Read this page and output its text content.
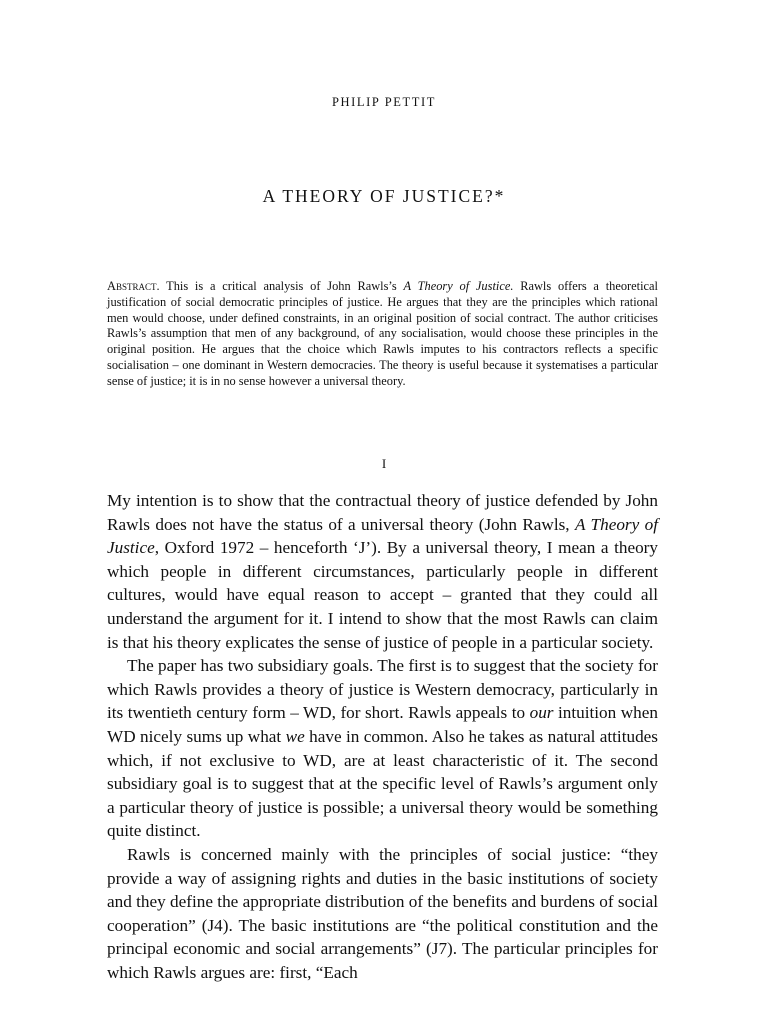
PHILIP PETTIT
A THEORY OF JUSTICE?*

Abstract. This is a critical analysis of John Rawls’s A Theory of Justice. Rawls offers a theoretical justification of social democratic principles of justice. He argues that they are the principles which rational men would choose, under defined constraints, in an original position of social contract. The author criticises Rawls’s assumption that men of any background, of any socialisation, would choose these principles in the original position. He argues that the choice which Rawls imputes to his contractors reflects a specific socialisation – one dominant in Western democracies. The theory is useful because it systematises a particular sense of justice; it is in no sense however a universal theory.

I

My intention is to show that the contractual theory of justice defended by John Rawls does not have the status of a universal theory (John Rawls, A Theory of Justice, Oxford 1972 – henceforth ‘J’). By a universal theory, I mean a theory which people in different circumstances, particularly people in different cultures, would have equal reason to accept – granted that they could all understand the argument for it. I intend to show that the most Rawls can claim is that his theory explicates the sense of justice of people in a particular society.

The paper has two subsidiary goals. The first is to suggest that the society for which Rawls provides a theory of justice is Western democracy, particularly in its twentieth century form – WD, for short. Rawls appeals to our intuition when WD nicely sums up what we have in common. Also he takes as natural attitudes which, if not exclusive to WD, are at least characteristic of it. The second subsidiary goal is to suggest that at the specific level of Rawls’s argument only a particular theory of justice is possible; a universal theory would be something quite distinct.

Rawls is concerned mainly with the principles of social justice: “they provide a way of assigning rights and duties in the basic institutions of society and they define the appropriate distribution of the benefits and burdens of social cooperation” (J4). The basic institutions are “the political constitution and the principal economic and social arrangements” (J7). The particular principles for which Rawls argues are: first, “Each
